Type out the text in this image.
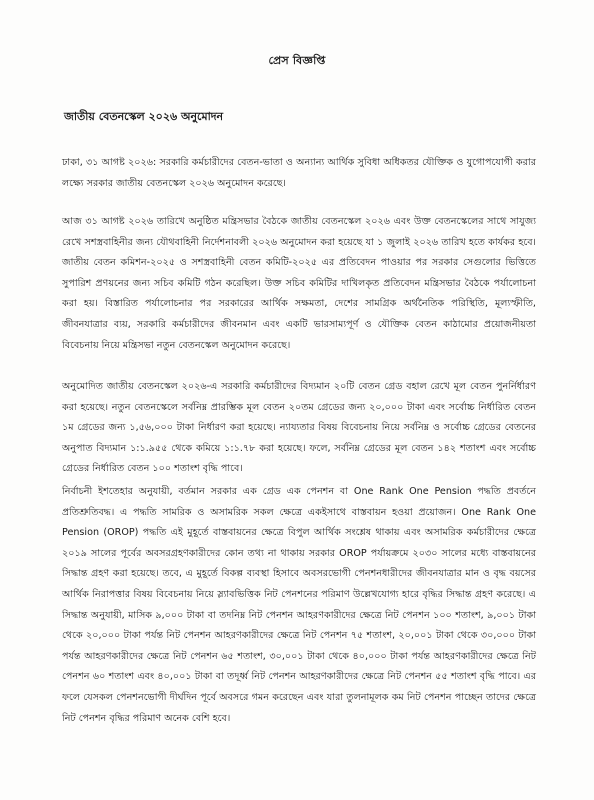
প্রেস বিজ্ঞপ্তি
জাতীয় বেতনস্কেল ২০২৬ অনুমোদন

ঢাকা, ৩১ আগষ্ট ২০২৬: সরকারি কর্মচারীদের বেতন-ভাতা ও অন্যান্য আর্থিক সুবিধা অধিকতর যৌক্তিক ও যুগোপযোগী করার লক্ষ্যে সরকার জাতীয় বেতনস্কেল ২০২৬ অনুমোদন করেছে।

আজ ৩১ আগষ্ট ২০২৬ তারিখে অনুষ্ঠিত মন্ত্রিসভার বৈঠকে জাতীয় বেতনস্কেল ২০২৬ এবং উক্ত বেতনস্কেলের সাথে সাযুজ্য রেখে সশস্ত্রবাহিনীর জন্য যৌথবাহিনী নির্দেশনাবলী ২০২৬ অনুমোদন করা হয়েছে যা ১ জুলাই ২০২৬ তারিখ হতে কার্যকর হবে। জাতীয় বেতন কমিশন-২০২৫ ও সশস্ত্রবাহিনী বেতন কমিটি-২০২৫ এর প্রতিবেদন পাওয়ার পর সরকার সেগুলোর ভিত্তিতে সুপারিশ প্রণয়নের জন্য সচিব কমিটি গঠন করেছিল। উক্ত সচিব কমিটির দাখিলকৃত প্রতিবেদন মন্ত্রিসভার বৈঠকে পর্যালোচনা করা হয়। বিস্তারিত পর্যালোচনার পর সরকারের আর্থিক সক্ষমতা, দেশের সামগ্রিক অর্থনৈতিক পরিস্থিতি, মূল্যস্ফীতি, জীবনযাত্রার ব্যয়, সরকারি কর্মচারীদের জীবনমান এবং একটি ভারসাম্যপূর্ণ ও যৌক্তিক বেতন কাঠামোর প্রয়োজনীয়তা বিবেচনায় নিয়ে মন্ত্রিসভা নতুন বেতনস্কেল অনুমোদন করেছে।

অনুমোদিত জাতীয় বেতনস্কেল ২০২৬-এ সরকারি কর্মচারীদের বিদ্যমান ২০টি বেতন গ্রেড বহাল রেখে মূল বেতন পুনর্নির্ধারণ করা হয়েছে। নতুন বেতনস্কেলে সর্বনিম্ন প্রারম্ভিক মূল বেতন ২০তম গ্রেডের জন্য ২০,০০০ টাকা এবং সর্বোচ্চ নির্ধারিত বেতন ১ম গ্রেডের জন্য ১,৫৬,০০০ টাকা নির্ধারণ করা হয়েছে। ন্যায্যতার বিষয় বিবেচনায় নিয়ে সর্বনিম্ন ও সর্বোচ্চ গ্রেডের বেতনের অনুপাত বিদ্যমান ১:১.৯৫৫ থেকে কমিয়ে ১:১.৭৮ করা হয়েছে। ফলে, সর্বনিম্ন গ্রেডের মূল বেতন ১৪২ শতাংশ এবং সর্বোচ্চ গ্রেডের নির্ধারিত বেতন ১০০ শতাংশ বৃদ্ধি পাবে।

নির্বাচনী ইশতেহার অনুযায়ী, বর্তমান সরকার এক গ্রেড এক পেনশন বা One Rank One Pension পদ্ধতি প্রবর্তনে প্রতিশ্রুতিবদ্ধ। এ পদ্ধতি সামরিক ও অসামরিক সকল ক্ষেত্রে একইসাথে বাস্তবায়ন হওয়া প্রয়োজন। One Rank One Pension (OROP) পদ্ধতি এই মুহূর্তে বাস্তবায়নের ক্ষেত্রে বিপুল আর্থিক সংশ্লেষ থাকায় এবং অসামরিক কর্মচারীদের ক্ষেত্রে ২০১৯ সালের পূর্বের অবসরগ্রহণকারীদের কোন তথ্য না থাকায় সরকার OROP পর্যায়ক্রমে ২০৩০ সালের মধ্যে বাস্তবায়নের সিদ্ধান্ত গ্রহণ করা হয়েছে। তবে, এ মুহূর্তে বিকল্প ব্যবস্থা হিসাবে অবসরভোগী পেনশনধারীদের জীবনযাত্রার মান ও বৃদ্ধ বয়সের আর্থিক নিরাপত্তার বিষয় বিবেচনায় নিয়ে স্ল্যাবভিত্তিক নিট পেনশনের পরিমাণ উল্লেখযোগ্য হারে বৃদ্ধির সিদ্ধান্ত গ্রহণ করেছে। এ সিদ্ধান্ত অনুযায়ী, মাসিক ৯,০০০ টাকা বা তদনিম্ন নিট পেনশন আহরণকারীদের ক্ষেত্রে নিট পেনশন ১০০ শতাংশ, ৯,০০১ টাকা থেকে ২০,০০০ টাকা পর্যন্ত নিট পেনশন আহরণকারীদের ক্ষেত্রে নিট পেনশন ৭৫ শতাংশ, ২০,০০১ টাকা থেকে ৩০,০০০ টাকা পর্যন্ত আহরণকারীদের ক্ষেত্রে নিট পেনশন ৬৫ শতাংশ, ৩০,০০১ টাকা থেকে ৪০,০০০ টাকা পর্যন্ত আহরণকারীদের ক্ষেত্রে নিট পেনশন ৬০ শতাংশ এবং ৪০,০০১ টাকা বা তদূর্ধ্ব নিট পেনশন আহরণকারীদের ক্ষেত্রে নিট পেনশন ৫৫ শতাংশ বৃদ্ধি পাবে। এর ফলে যেসকল পেনশনভোগী দীর্ঘদিন পূর্বে অবসরে গমন করেছেন এবং যারা তুলনামূলক কম নিট পেনশন পাচ্ছেন তাদের ক্ষেত্রে নিট পেনশন বৃদ্ধির পরিমাণ অনেক বেশি হবে।
